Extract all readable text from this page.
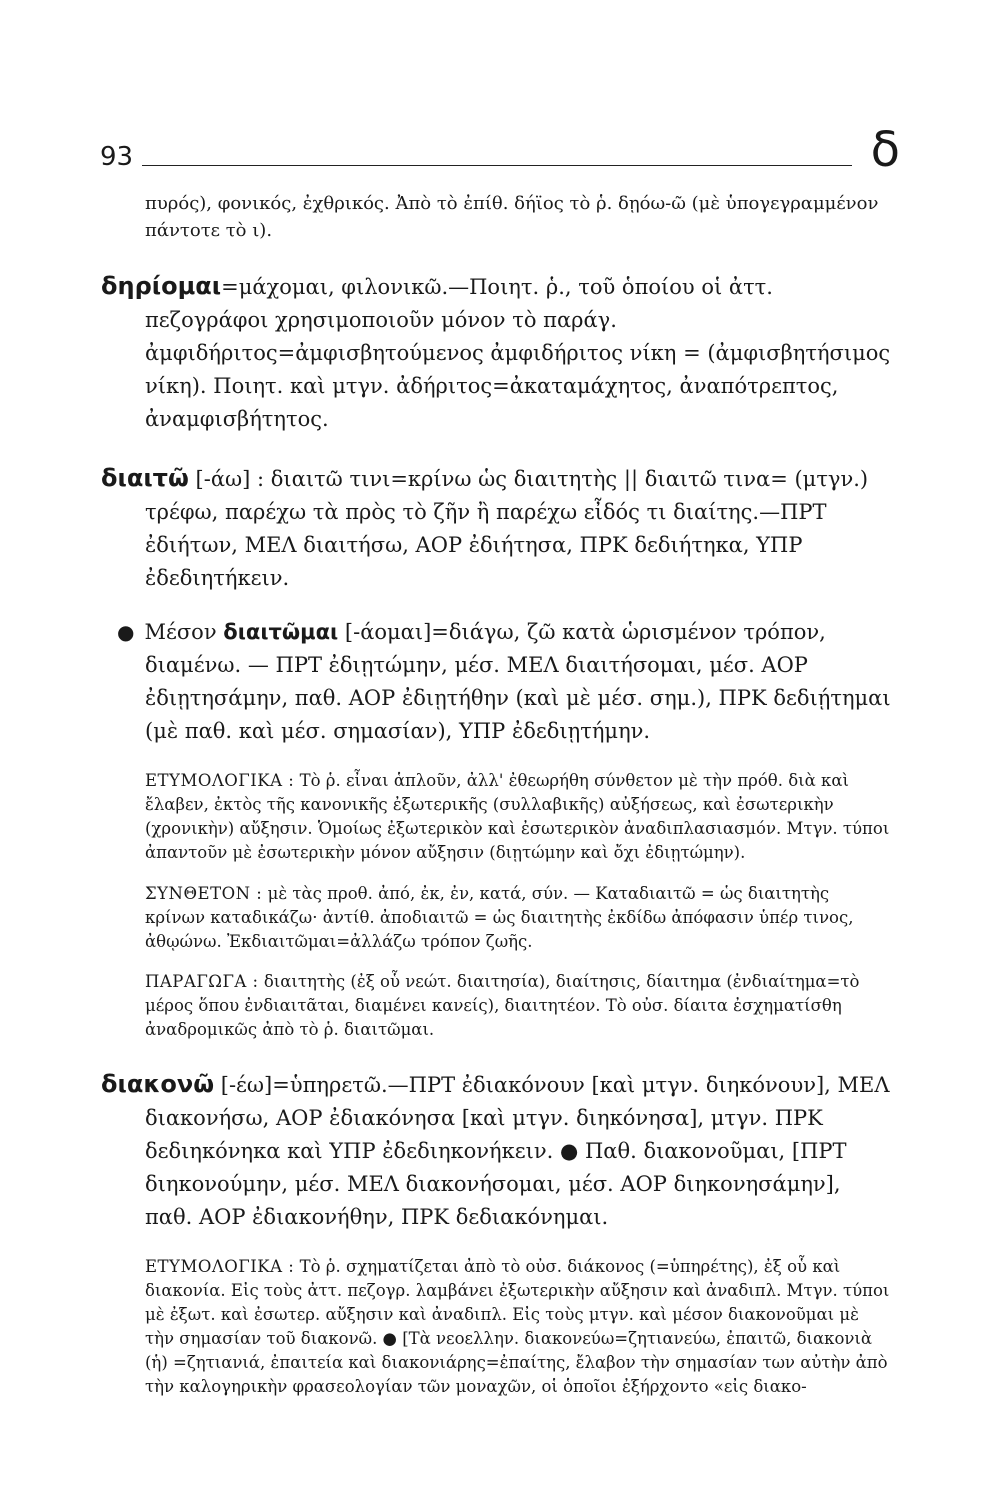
93	δ

πυρός), φονικός, ἐχθρικός. Ἀπὸ τὸ ἐπίθ. δήϊος τὸ ῥ. δῃόω-ῶ (μὲ ὑπογεγραμμένον πάντοτε τὸ ι).

δηρίομαι=μάχομαι, φιλονικῶ.—Ποιητ. ῥ., τοῦ ὁποίου οἱ ἀττ. πεζογράφοι χρησιμοποιοῦν μόνον τὸ παράγ. ἀμφιδήριτος=ἀμφισβητούμενος ἀμφιδήριτος νίκη = (ἀμφισβητήσιμος νίκη). Ποιητ. καὶ μτγν. ἀδήριτος=ἀκαταμάχητος, ἀναπότρεπτος, ἀναμφισβήτητος.

διαιτῶ [-άω] : διαιτῶ τινι=κρίνω ὡς διαιτητὴς || διαιτῶ τινα= (μτγν.) τρέφω, παρέχω τὰ πρὸς τὸ ζῆν ἢ παρέχω εἶδός τι διαίτης.—ΠΡΤ ἐδιήτων, ΜΕΛ διαιτήσω, ΑΟΡ ἐδιήτησα, ΠΡΚ δεδιήτηκα, ΥΠΡ ἐδεδιητήκειν.

● Μέσον διαιτῶμαι [-άομαι]=διάγω, ζῶ κατὰ ὡρισμένον τρόπον, διαμένω. — ΠΡΤ ἐδιῃτώμην, μέσ. ΜΕΛ διαιτήσομαι, μέσ. ΑΟΡ ἐδιῃτησάμην, παθ. ΑΟΡ ἐδιῃτήθην (καὶ μὲ μέσ. σημ.), ΠΡΚ δεδιῄτημαι (μὲ παθ. καὶ μέσ. σημασίαν), ΥΠΡ ἐδεδιῃτήμην.

ΕΤΥΜΟΛΟΓΙΚΑ : Τὸ ῥ. εἶναι ἁπλοῦν, ἀλλ' ἐθεωρήθη σύνθετον μὲ τὴν πρόθ. διὰ καὶ ἔλαβεν, ἐκτὸς τῆς κανονικῆς ἐξωτερικῆς (συλλαβικῆς) αὐξήσεως, καὶ ἐσωτερικὴν (χρονικὴν) αὔξησιν. Ὁμοίως ἐξωτερικὸν καὶ ἐσωτερικὸν ἀναδιπλασιασμόν. Μτγν. τύποι ἀπαντοῦν μὲ ἐσωτερικὴν μόνον αὔξησιν (διῃτώμην καὶ ὄχι ἐδιῃτώμην).

ΣΥΝΘΕΤΟΝ : μὲ τὰς προθ. ἀπό, ἐκ, ἐν, κατά, σύν. — Καταδιαιτῶ = ὡς διαιτητὴς κρίνων καταδικάζω· ἀντίθ. ἀποδιαιτῶ = ὡς διαιτητὴς ἐκδίδω ἀπόφασιν ὑπέρ τινος, ἀθῳώνω. Ἐκδιαιτῶμαι=ἀλλάζω τρόπον ζωῆς.

ΠΑΡΑΓΩΓΑ : διαιτητὴς (ἐξ οὗ νεώτ. διαιτησία), διαίτησις, δίαιτημα (ἐνδιαίτημα=τὸ μέρος ὅπου ἐνδιαιτᾶται, διαμένει κανείς), διαιτητέον. Τὸ οὐσ. δίαιτα ἐσχηματίσθη ἀναδρομικῶς ἀπὸ τὸ ῥ. διαιτῶμαι.

διακονῶ [-έω]=ὑπηρετῶ.—ΠΡΤ ἐδιακόνουν [καὶ μτγν. διηκόνουν], ΜΕΛ διακονήσω, ΑΟΡ ἐδιακόνησα [καὶ μτγν. διηκόνησα], μτγν. ΠΡΚ δεδιηκόνηκα καὶ ΥΠΡ ἐδεδιηκονήκειν. ● Παθ. διακονοῦμαι, [ΠΡΤ διηκονούμην, μέσ. ΜΕΛ διακονήσομαι, μέσ. ΑΟΡ διηκονησάμην], παθ. ΑΟΡ ἐδιακονήθην, ΠΡΚ δεδιακόνημαι.

ΕΤΥΜΟΛΟΓΙΚΑ : Τὸ ῥ. σχηματίζεται ἀπὸ τὸ οὐσ. διάκονος (=ὑπηρέτης), ἐξ οὗ καὶ διακονία. Εἰς τοὺς ἀττ. πεζογρ. λαμβάνει ἐξωτερικὴν αὔξησιν καὶ ἀναδιπλ. Μτγν. τύποι μὲ ἐξωτ. καὶ ἐσωτερ. αὔξησιν καὶ ἀναδιπλ. Εἰς τοὺς μτγν. καὶ μέσον διακονοῦμαι μὲ τὴν σημασίαν τοῦ διακονῶ. ● [Τὰ νεοελλην. διακονεύω=ζητιανεύω, ἐπαιτῶ, διακονιὰ (ἡ) =ζητιανιά, ἐπαιτεία καὶ διακονιάρης=ἐπαίτης, ἔλαβον τὴν σημασίαν των αὐτὴν ἀπὸ τὴν καλογηρικὴν φρασεολογίαν τῶν μοναχῶν, οἱ ὁποῖοι ἐξήρχοντο «εἰς διακο-
